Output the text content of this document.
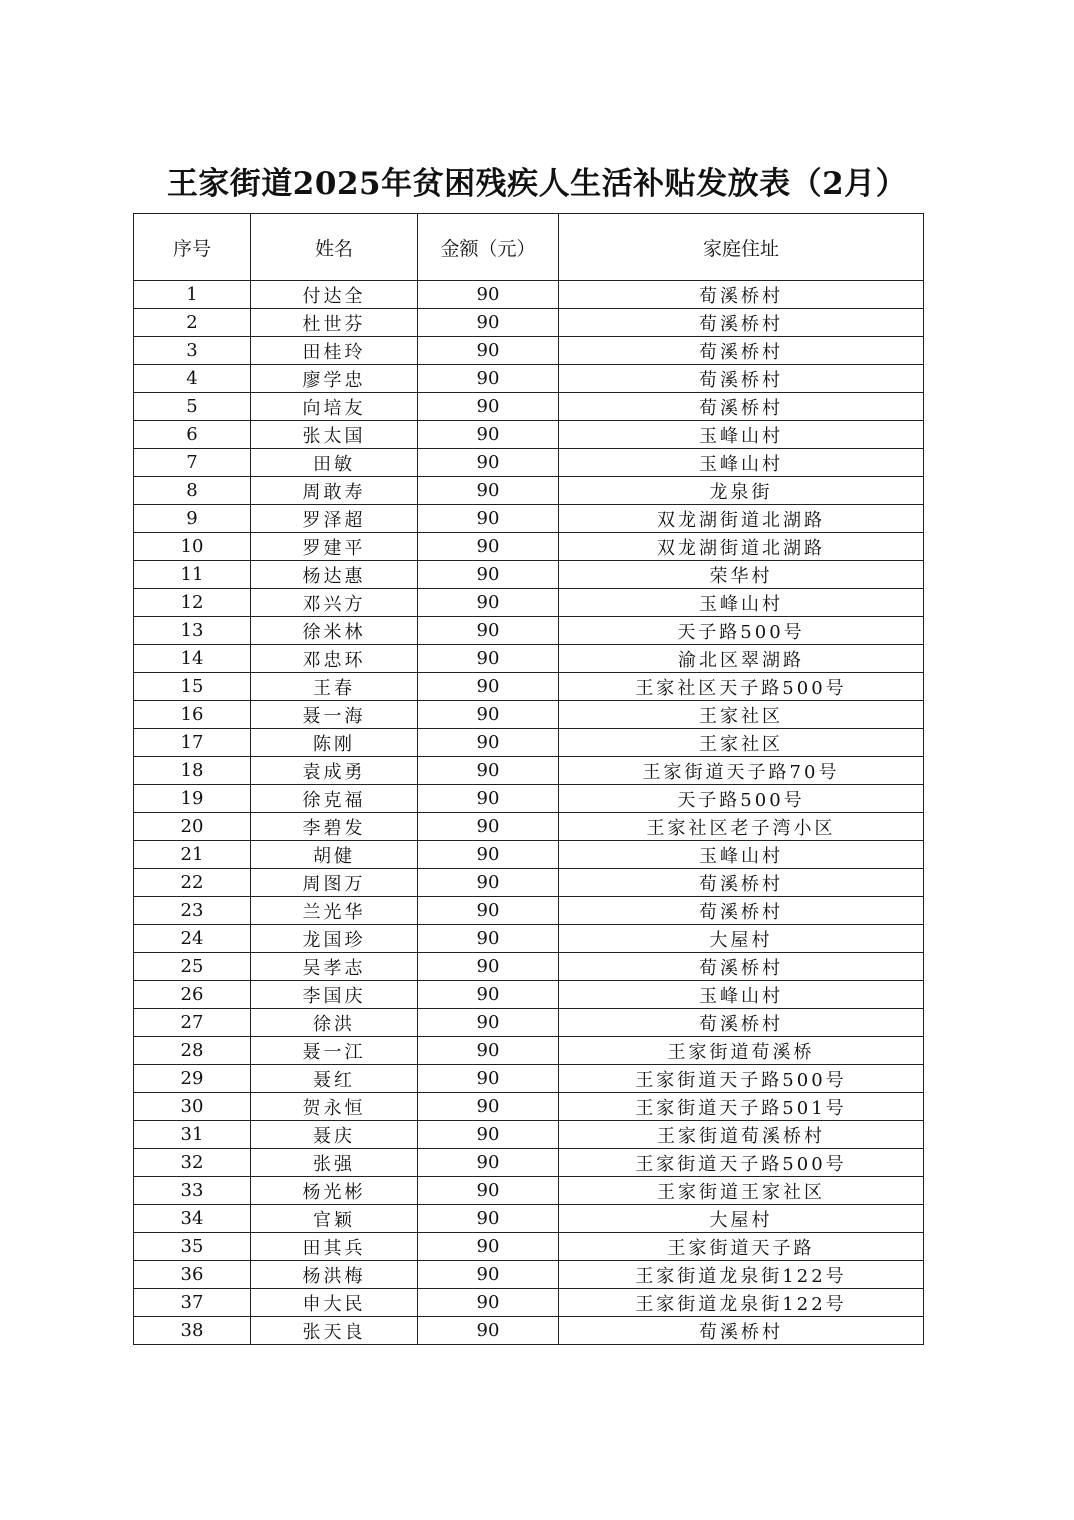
王家街道2025年贫困残疾人生活补贴发放表（2月）
序号	姓名	金额（元）	家庭住址
1	付达全	90	荀溪桥村
2	杜世芬	90	荀溪桥村
3	田桂玲	90	荀溪桥村
4	廖学忠	90	荀溪桥村
5	向培友	90	荀溪桥村
6	张太国	90	玉峰山村
7	田敏	90	玉峰山村
8	周敢寿	90	龙泉街
9	罗泽超	90	双龙湖街道北湖路
10	罗建平	90	双龙湖街道北湖路
11	杨达惠	90	荣华村
12	邓兴方	90	玉峰山村
13	徐米林	90	天子路500号
14	邓忠环	90	渝北区翠湖路
15	王春	90	王家社区天子路500号
16	聂一海	90	王家社区
17	陈刚	90	王家社区
18	袁成勇	90	王家街道天子路70号
19	徐克福	90	天子路500号
20	李碧发	90	王家社区老子湾小区
21	胡健	90	玉峰山村
22	周图万	90	荀溪桥村
23	兰光华	90	荀溪桥村
24	龙国珍	90	大屋村
25	吴孝志	90	荀溪桥村
26	李国庆	90	玉峰山村
27	徐洪	90	荀溪桥村
28	聂一江	90	王家街道荀溪桥
29	聂红	90	王家街道天子路500号
30	贺永恒	90	王家街道天子路501号
31	聂庆	90	王家街道荀溪桥村
32	张强	90	王家街道天子路500号
33	杨光彬	90	王家街道王家社区
34	官颖	90	大屋村
35	田其兵	90	王家街道天子路
36	杨洪梅	90	王家街道龙泉街122号
37	申大民	90	王家街道龙泉街122号
38	张天良	90	荀溪桥村
